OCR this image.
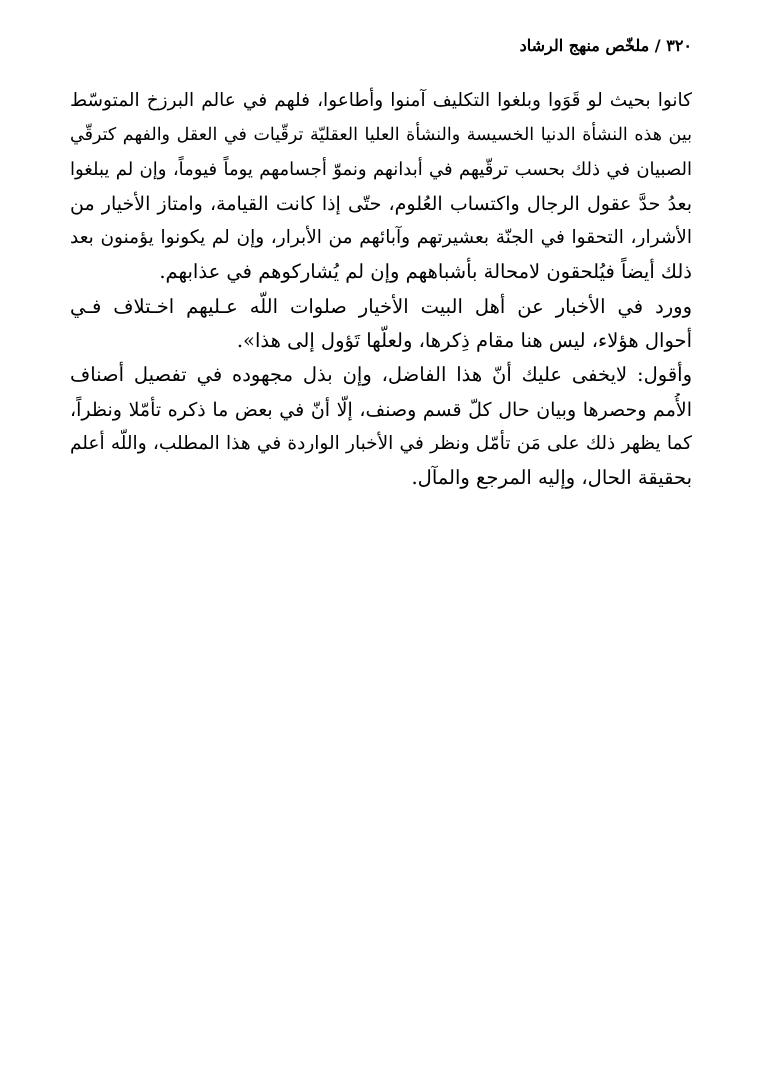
٣٢٠ / ملخّص منهج الرشاد
كانوا بحيث لو قَوَوا وبلغوا التكليف آمنوا وأطاعوا، فلهم في عالم البرزخ المتوسّط
بين هذه النشأة الدنيا الخسيسة والنشأة العليا العقليّة ترقّيات في العقل والفهم كترقّي
الصبيان في ذلك بحسب ترقّيهم في أبدانهم ونموّ أجسامهم يوماً فيوماً، وإن لم يبلغوا
بعدُ حدَّ عقول الرجال واكتساب العُلوم، حتّى إذا كانت القيامة، وامتاز الأخيار من
الأشرار، التحقوا في الجنّة بعشيرتهم وآبائهم من الأبرار، وإن لم يكونوا يؤمنون بعد
ذلك أيضاً فيُلحقون لامحالة بأشباههم وإن لم يُشاركوهم في عذابهم.
وورد في الأخبار عن أهل البيت الأخيار صلوات اللّه عـليهم اخـتلاف فـي
أحوال هؤلاء، ليس هنا مقام ذِكرها، ولعلّها تَؤول إلى هذا».
وأقول: لايخفى عليك أنّ هذا الفاضل، وإن بذل مجهوده في تفصيل أصناف
الأُمم وحصرها وبيان حال كلّ قسم وصنف، إلّا أنّ في بعض ما ذكره تأمّلا ونظراً،
كما يظهر ذلك على مَن تأمّل ونظر في الأخبار الواردة في هذا المطلب، واللّه أعلم
بحقيقة الحال، وإليه المرجع والمآل.
